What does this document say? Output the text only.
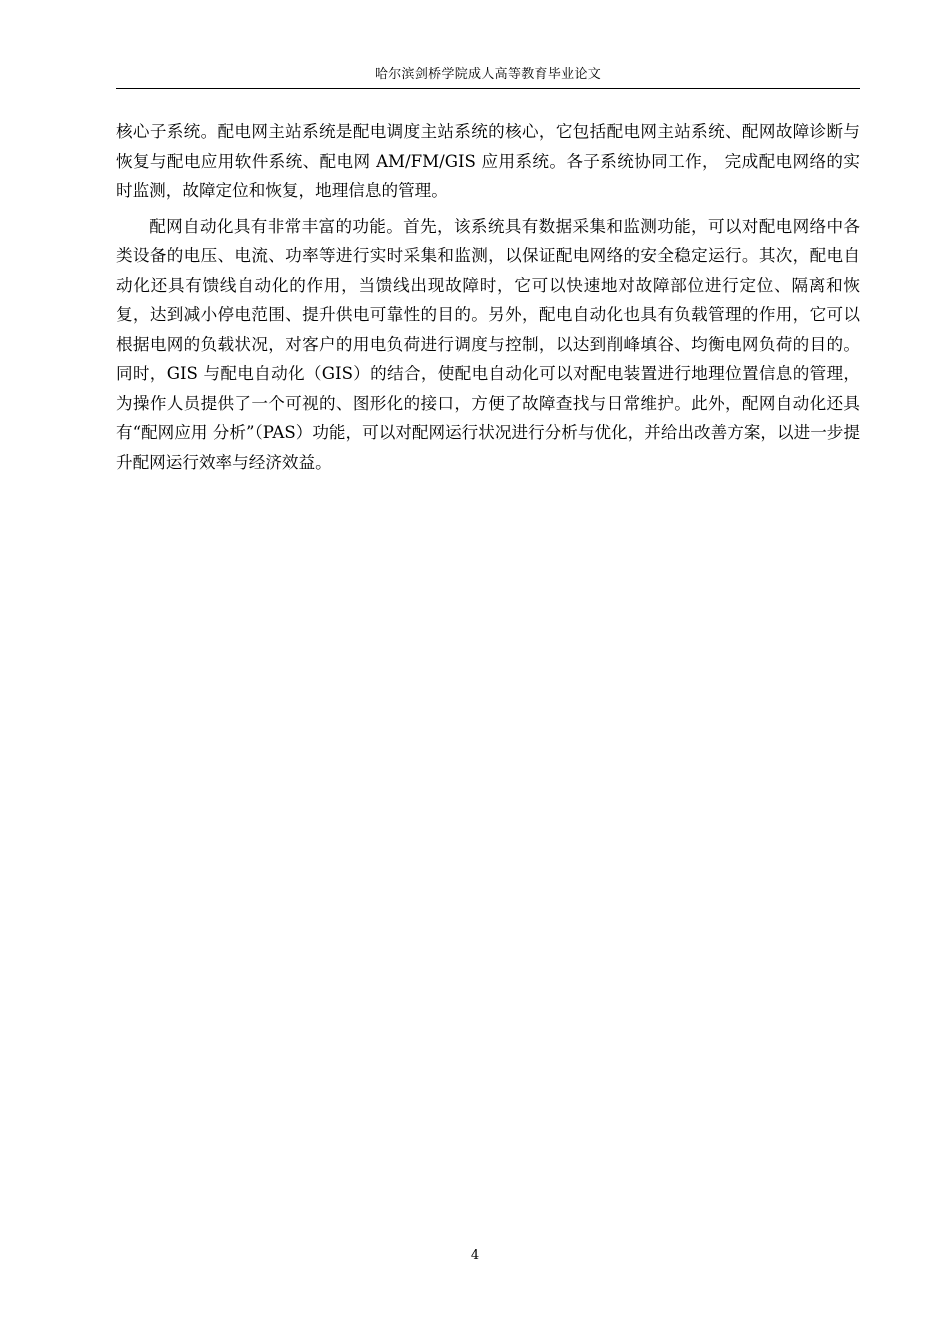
哈尔滨剑桥学院成人高等教育毕业论文

核心子系统。配电网主站系统是配电调度主站系统的核心，它包括配电网主站系统、配网故障诊断与恢复与配电应用软件系统、配电网 AM/FM/GIS 应用系统。各子系统协同工作， 完成配电网络的实时监测，故障定位和恢复，地理信息的管理。

配网自动化具有非常丰富的功能。首先，该系统具有数据采集和监测功能，可以对配电网络中各类设备的电压、电流、功率等进行实时采集和监测，以保证配电网络的安全稳定运行。其次，配电自动化还具有馈线自动化的作用，当馈线出现故障时，它可以快速地对故障部位进行定位、隔离和恢复，达到减小停电范围、提升供电可靠性的目的。另外，配电自动化也具有负载管理的作用，它可以根据电网的负载状况，对客户的用电负荷进行调度与控制，以达到削峰填谷、均衡电网负荷的目的。同时，GIS 与配电自动化（GIS）的结合，使配电自动化可以对配电装置进行地理位置信息的管理，为操作人员提供了一个可视的、图形化的接口，方便了故障查找与日常维护。此外，配网自动化还具有“配网应用 分析”（PAS）功能，可以对配网运行状况进行分析与优化，并给出改善方案，以进一步提 升配网运行效率与经济效益。

4
